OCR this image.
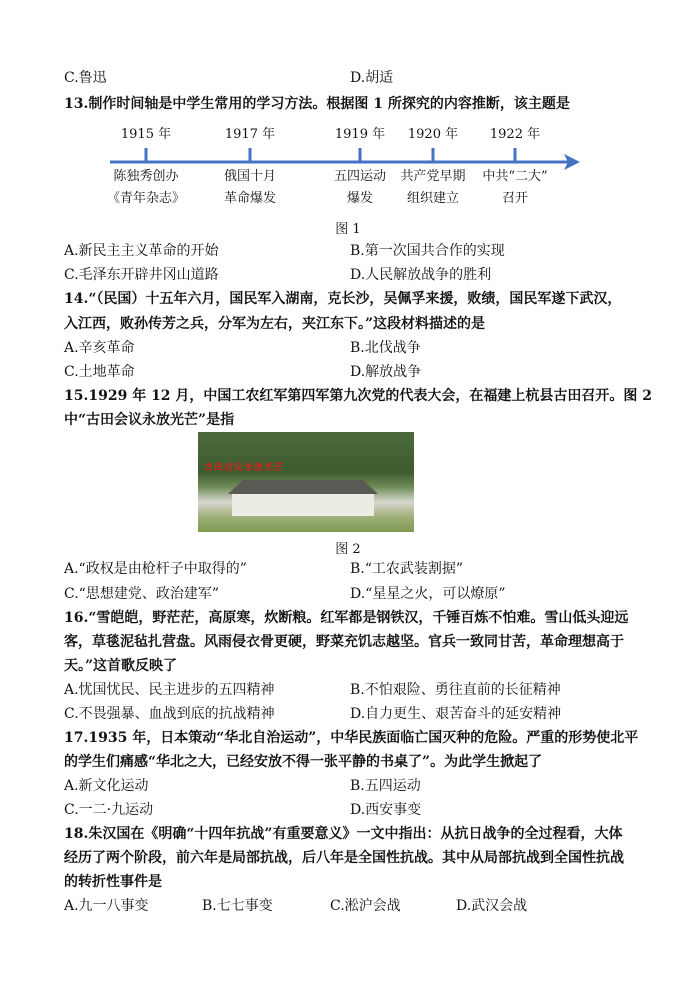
C.鲁迅	D.胡适
13.制作时间轴是中学生常用的学习方法。根据图 1 所探究的内容推断，该主题是
1915 年
陈独秀创办
《青年杂志》
1917 年
俄国十月
革命爆发
1919 年
五四运动
爆发
1920 年
共产党早期
组织建立
1922 年
中共“二大”
召开
图 1
A.新民主主义革命的开始	B.第一次国共合作的实现
C.毛泽东开辟井冈山道路	D.人民解放战争的胜利
14.“（民国）十五年六月，国民军入湖南，克长沙，吴佩孚来援，败绩，国民军遂下武汉，
入江西，败孙传芳之兵，分军为左右，夹江东下。”这段材料描述的是
A.辛亥革命	B.北伐战争
C.土地革命	D.解放战争
15.1929 年 12 月，中国工农红军第四军第九次党的代表大会，在福建上杭县古田召开。图 2
中“古田会议永放光芒”是指
古田会议永放光芒
图 2
A.“政权是由枪杆子中取得的”	B.“工农武装割据”
C.“思想建党、政治建军”	D.“星星之火，可以燎原”
16.“雪皑皑，野茫茫，高原寒，炊断粮。红军都是钢铁汉，千锤百炼不怕难。雪山低头迎远
客，草毯泥毡扎营盘。风雨侵衣骨更硬，野菜充饥志越坚。官兵一致同甘苦，革命理想高于
天。”这首歌反映了
A.忧国忧民、民主进步的五四精神	B.不怕艰险、勇往直前的长征精神
C.不畏强暴、血战到底的抗战精神	D.自力更生、艰苦奋斗的延安精神
17.1935 年，日本策动“华北自治运动”，中华民族面临亡国灭种的危险。严重的形势使北平
的学生们痛感“华北之大，已经安放不得一张平静的书桌了”。为此学生掀起了
A.新文化运动	B.五四运动
C.一二·九运动	D.西安事变
18.朱汉国在《明确“十四年抗战”有重要意义》一文中指出：从抗日战争的全过程看，大体
经历了两个阶段，前六年是局部抗战，后八年是全国性抗战。其中从局部抗战到全国性抗战
的转折性事件是
A.九一八事变	B.七七事变	C.淞沪会战	D.武汉会战
